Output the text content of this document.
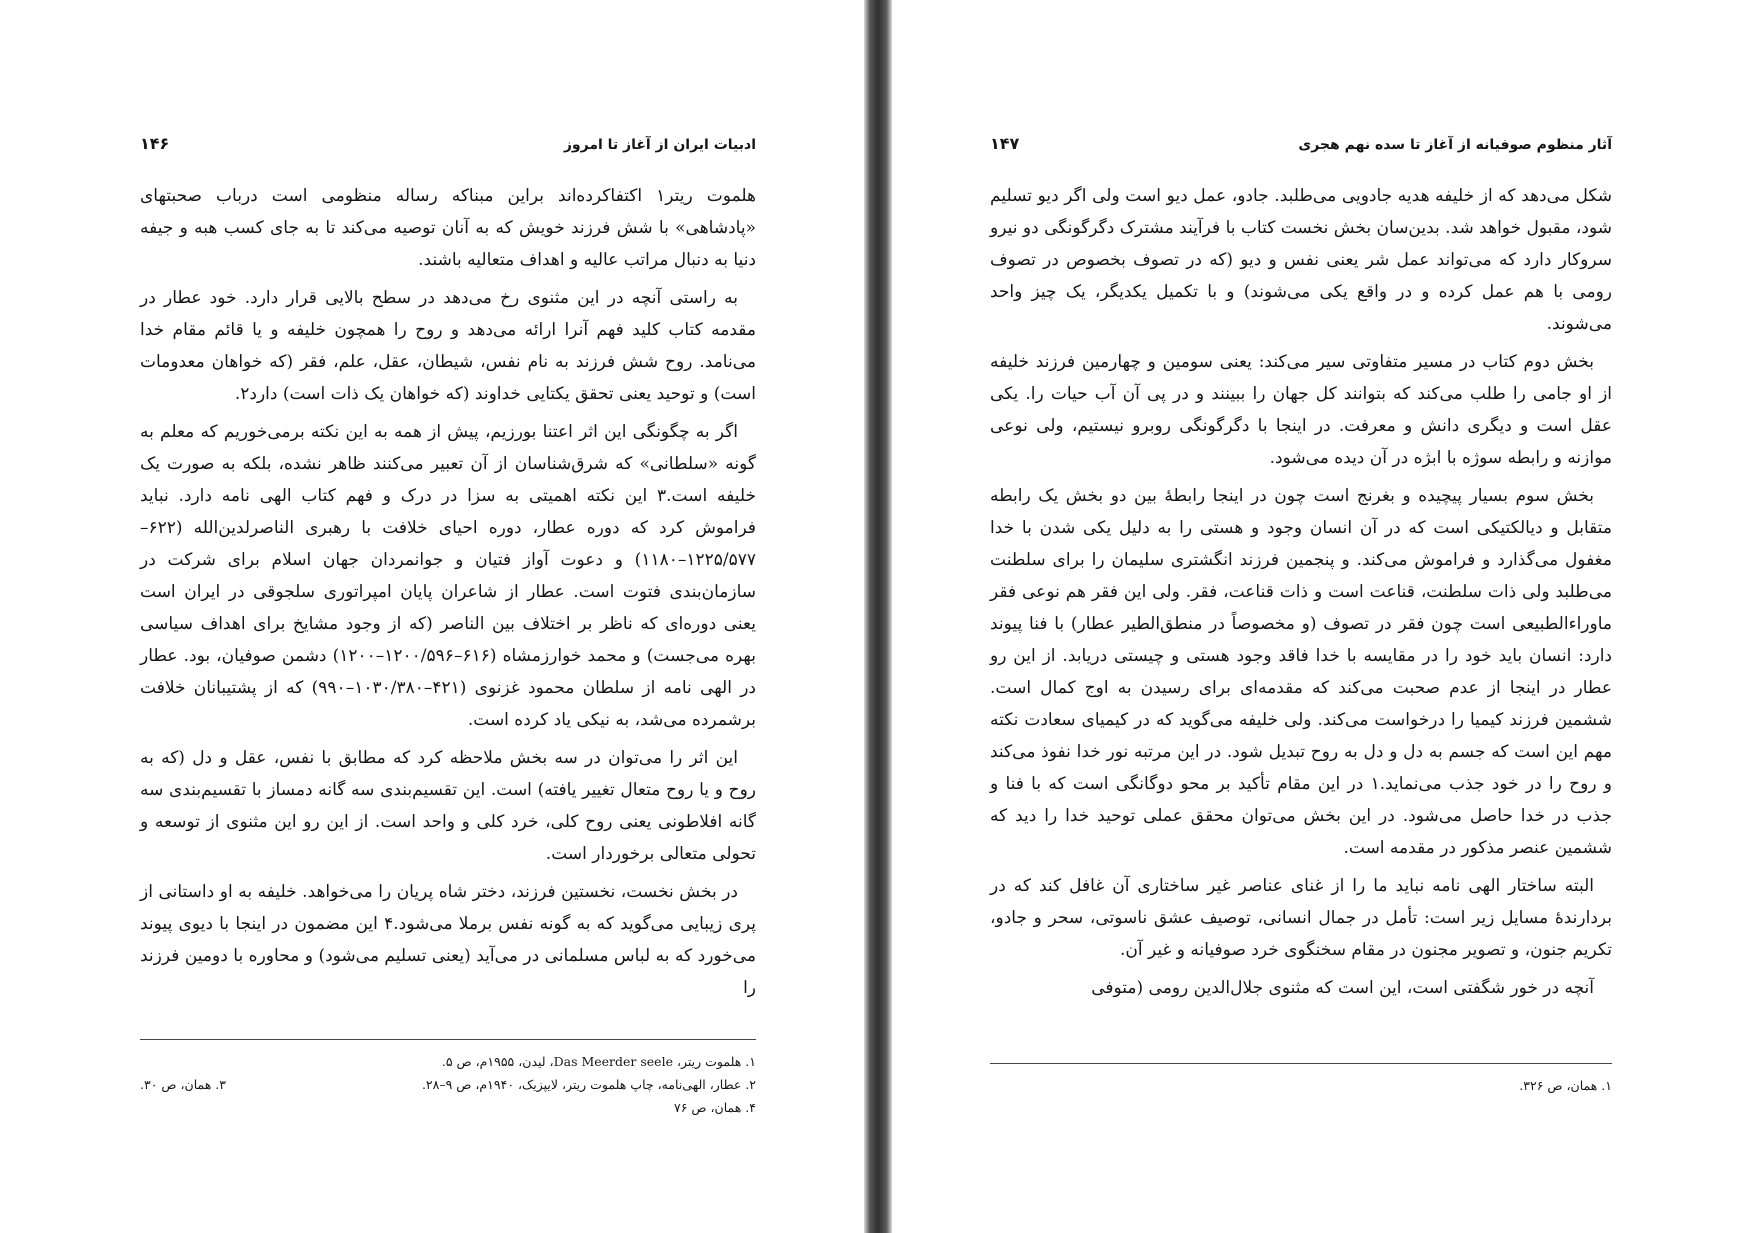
ادبیات ایران از آغاز تا امروز
۱۴۶

هلموت ریتر۱ اکتفاکرده‌اند براین مبناکه رساله منظومی است درباب صحبتهای «پادشاهی» با شش فرزند خویش که به آنان توصیه می‌کند تا به جای کسب هبه و جیفه دنیا به دنبال مراتب عالیه و اهداف متعالیه باشند.

به راستی آنچه در این مثنوی رخ می‌دهد در سطح بالایی قرار دارد. خود عطار در مقدمه کتاب کلید فهم آنرا ارائه می‌دهد و روح را همچون خلیفه و یا قائم مقام خدا می‌نامد. روح شش فرزند به نام نفس، شیطان، عقل، علم، فقر (که خواهان معدومات است) و توحید یعنی تحقق یکتایی خداوند (که خواهان یک ذات است) دارد۲.

اگر به چگونگی این اثر اعتنا بورزیم، پیش از همه به این نکته برمی‌خوریم که معلم به گونه «سلطانی» که شرق‌شناسان از آن تعبیر می‌کنند ظاهر نشده، بلکه به صورت یک خلیفه است.۳ این نکته اهمیتی به سزا در درک و فهم کتاب الهی نامه دارد. نباید فراموش کرد که دوره عطار، دوره احیای خلافت با رهبری الناصرلدین‌الله (۶۲۲–۱۲۲۵/۵۷۷–۱۱۸۰) و دعوت آواز فتیان و جوانمردان جهان اسلام برای شرکت در سازمان‌بندی فتوت است. عطار از شاعران پایان امپراتوری سلجوقی در ایران است یعنی دوره‌ای که ناظر بر اختلاف بین الناصر (که از وجود مشایخ برای اهداف سیاسی بهره می‌جست) و محمد خوارزمشاه (۶۱۶–۱۲۰۰/۵۹۶–۱۲۰۰) دشمن صوفیان، بود. عطار در الهی نامه از سلطان محمود غزنوی (۴۲۱–۱۰۳۰/۳۸۰–۹۹۰) که از پشتیبانان خلافت برشمرده می‌شد، به نیکی یاد کرده است.

این اثر را می‌توان در سه بخش ملاحظه کرد که مطابق با نفس، عقل و دل (که به روح و یا روح متعال تغییر یافته) است. این تقسیم‌بندی سه گانه دمساز با تقسیم‌بندی سه گانه افلاطونی یعنی روح کلی، خرد کلی و واحد است. از این رو این مثنوی از توسعه و تحولی متعالی برخوردار است.

در بخش نخست، نخستین فرزند، دختر شاه پریان را می‌خواهد. خلیفه به او داستانی از پری زیبایی می‌گوید که به گونه نفس برملا می‌شود.۴ این مضمون در اینجا با دیوی پیوند می‌خورد که به لباس مسلمانی در می‌آید (یعنی تسلیم می‌شود) و محاوره با دومین فرزند را

۱. هلموت ریتر، Das Meerder seele، لیدن، ۱۹۵۵م، ص ۵.
۲. عطار، الهی‌نامه، چاپ هلموت ریتر، لایپزیک، ۱۹۴۰م، ص ۹–۲۸.
۳. همان، ص ۳۰.
۴. همان، ص ۷۶
آثار منظوم صوفیانه از آغاز تا سده نهم هجری
۱۴۷

شکل می‌دهد که از خلیفه هدیه جادویی می‌طلبد. جادو، عمل دیو است ولی اگر دیو تسلیم شود، مقبول خواهد شد. بدین‌سان بخش نخست کتاب با فرآیند مشترک دگرگونگی دو نیرو سروکار دارد که می‌تواند عمل شر یعنی نفس و دیو (که در تصوف بخصوص در تصوف رومی با هم عمل کرده و در واقع یکی می‌شوند) و با تکمیل یکدیگر، یک چیز واحد می‌شوند.

بخش دوم کتاب در مسیر متفاوتی سیر می‌کند: یعنی سومین و چهارمین فرزند خلیفه از او جامی را طلب می‌کند که بتوانند کل جهان را ببینند و در پی آن آب حیات را. یکی عقل است و دیگری دانش و معرفت. در اینجا با دگرگونگی روبرو نیستیم، ولی نوعی موازنه و رابطه سوژه با ابژه در آن دیده می‌شود.

بخش سوم بسیار پیچیده و بغرنج است چون در اینجا رابطهٔ بین دو بخش یک رابطه متقابل و دیالکتیکی است که در آن انسان وجود و هستی را به دلیل یکی شدن با خدا مغفول می‌گذارد و فراموش می‌کند. و پنجمین فرزند انگشتری سلیمان را برای سلطنت می‌طلبد ولی ذات سلطنت، قناعت است و ذات قناعت، فقر. ولی این فقر هم نوعی فقر ماوراءالطبیعی است چون فقر در تصوف (و مخصوصاً در منطق‌الطیر عطار) با فنا پیوند دارد: انسان باید خود را در مقایسه با خدا فاقد وجود هستی و چیستی دریابد. از این رو عطار در اینجا از عدم صحبت می‌کند که مقدمه‌ای برای رسیدن به اوج کمال است. ششمین فرزند کیمیا را درخواست می‌کند. ولی خلیفه می‌گوید که در کیمیای سعادت نکته مهم این است که جسم به دل و دل به روح تبدیل شود. در این مرتبه نور خدا نفوذ می‌کند و روح را در خود جذب می‌نماید.۱ در این مقام تأکید بر محو دوگانگی است که با فنا و جذب در خدا حاصل می‌شود. در این بخش می‌توان محقق عملی توحید خدا را دید که ششمین عنصر مذکور در مقدمه است.

البته ساختار الهی نامه نباید ما را از غنای عناصر غیر ساختاری آن غافل کند که در بردارندهٔ مسایل زیر است: تأمل در جمال انسانی، توصیف عشق ناسوتی، سحر و جادو، تکریم جنون، و تصویر مجنون در مقام سخنگوی خرد صوفیانه و غیر آن.

آنچه در خور شگفتی است، این است که مثنوی جلال‌الدین رومی (متوفی

۱. همان، ص ۳۲۶.
